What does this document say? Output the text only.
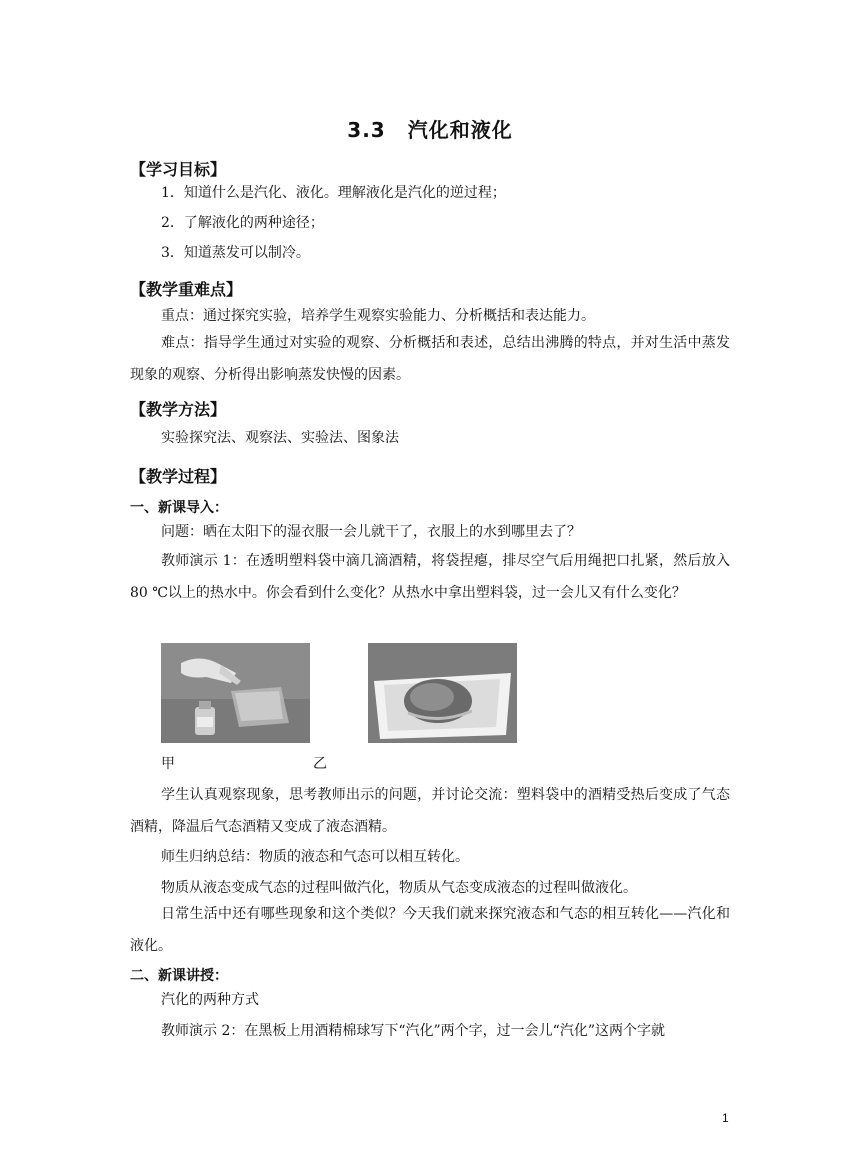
3.3 汽化和液化
【学习目标】
1．知道什么是汽化、液化。理解液化是汽化的逆过程；
2．了解液化的两种途径；
3．知道蒸发可以制冷。
【教学重难点】
重点：通过探究实验，培养学生观察实验能力、分析概括和表达能力。
难点：指导学生通过对实验的观察、分析概括和表述，总结出沸腾的特点，并对生活中蒸发现象的观察、分析得出影响蒸发快慢的因素。
【教学方法】
实验探究法、观察法、实验法、图象法
【教学过程】
一、新课导入：
问题：晒在太阳下的湿衣服一会儿就干了，衣服上的水到哪里去了？
教师演示 1：在透明塑料袋中滴几滴酒精，将袋捏瘪，排尽空气后用绳把口扎紧，然后放入 80 ℃以上的热水中。你会看到什么变化？从热水中拿出塑料袋，过一会儿又有什么变化？
甲	乙
学生认真观察现象，思考教师出示的问题，并讨论交流：塑料袋中的酒精受热后变成了气态酒精，降温后气态酒精又变成了液态酒精。
师生归纳总结：物质的液态和气态可以相互转化。
物质从液态变成气态的过程叫做汽化，物质从气态变成液态的过程叫做液化。
日常生活中还有哪些现象和这个类似？今天我们就来探究液态和气态的相互转化——汽化和液化。
二、新课讲授：
汽化的两种方式
教师演示 2：在黑板上用酒精棉球写下“汽化”两个字，过一会儿“汽化”这两个字就
1
